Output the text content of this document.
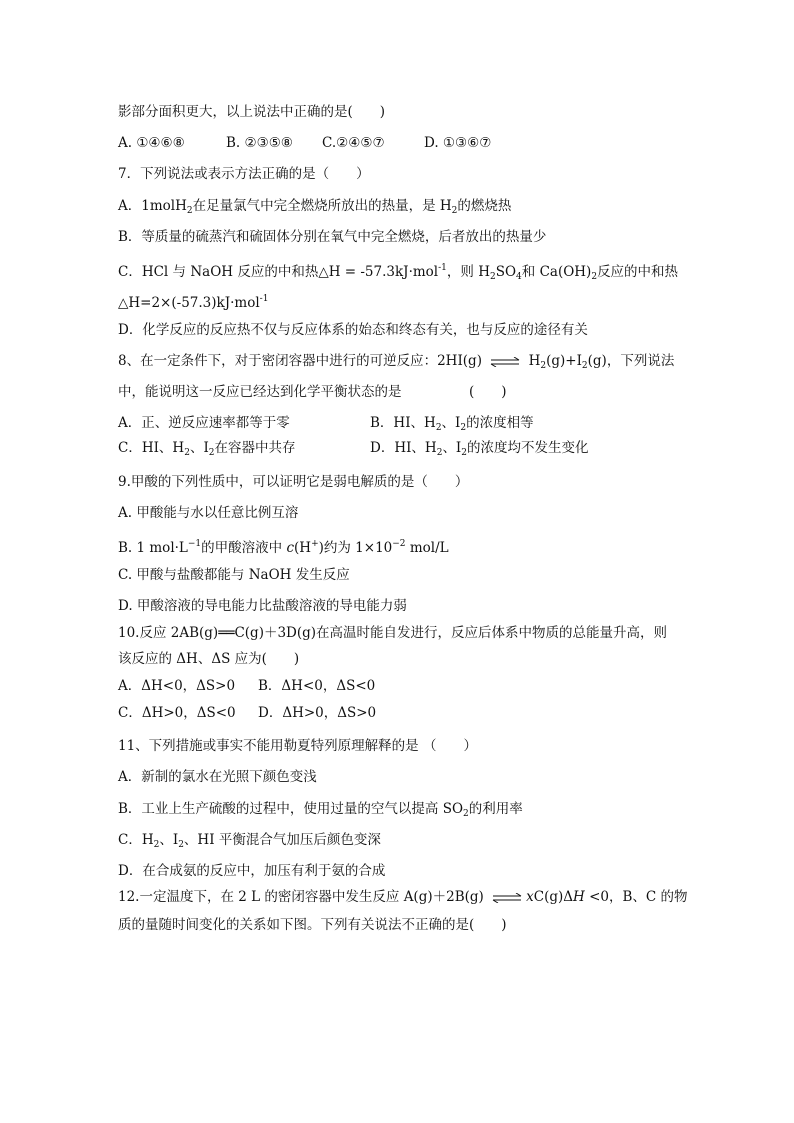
影部分面积更大，以上说法中正确的是(　　)
A. ①④⑥⑧	B. ②③⑤⑧ C.②④⑤⑦	D. ①③⑥⑦
7．下列说法或表示方法正确的是（　　）
A．1molH$_2$在足量氯气中完全燃烧所放出的热量，是 $H_2$的燃烧热
B．等质量的硫蒸汽和硫固体分别在氧气中完全燃烧，后者放出的热量少
C．HCl 与 NaOH 反应的中和热△H = -57.3kJ·mol$^{-1}$，则 $H_2SO_4$和 $Ca(OH)_2$反应的中和热
△H=2×(-57.3)kJ·mol$^{-1}$
D．化学反应的反应热不仅与反应体系的始态和终态有关，也与反应的途径有关
8、在一定条件下，对于密闭容器中进行的可逆反应：2HI(g) ⇌ $H_2(g)+I_2(g)$，下列说法
中，能说明这一反应已经达到化学平衡状态的是　　　　　(　　)
A．正、逆反应速率都等于零	B．HI、$H_2$、$I_2$的浓度相等
C．HI、$H_2$、$I_2$在容器中共存	D．HI、$H_2$、$I_2$的浓度均不发生变化
9.甲酸的下列性质中，可以证明它是弱电解质的是（　　）
A. 甲酸能与水以任意比例互溶
B. 1 $mol\cdot L^{-1}$的甲酸溶液中 c(H+)约为 $1\times 10^{-2}$ mol/L
C. 甲酸与盐酸都能与 NaOH 发生反应
D. 甲酸溶液的导电能力比盐酸溶液的导电能力弱
10.反应 2AB(g)══C(g)＋3D(g)在高温时能自发进行，反应后体系中物质的总能量升高，则
该反应的 ΔH、ΔS 应为(　　)
A．ΔH<0，ΔS>0 B．ΔH<0，ΔS<0
C．ΔH>0，ΔS<0 D．ΔH>0，ΔS>0
11、下列措施或事实不能用勒夏特列原理解释的是 （　　）
A．新制的氯水在光照下颜色变浅
B．工业上生产硫酸的过程中，使用过量的空气以提高 $SO_2$的利用率
C．$H_2$、$I_2$、HI 平衡混合气加压后颜色变深
D．在合成氨的反应中，加压有利于氨的合成
12.一定温度下，在 2 L 的密闭容器中发生反应 A(g)＋2B(g) ⇌ xC(g)ΔH <0，B、C 的物
质的量随时间变化的关系如下图。下列有关说法不正确的是(　　)
